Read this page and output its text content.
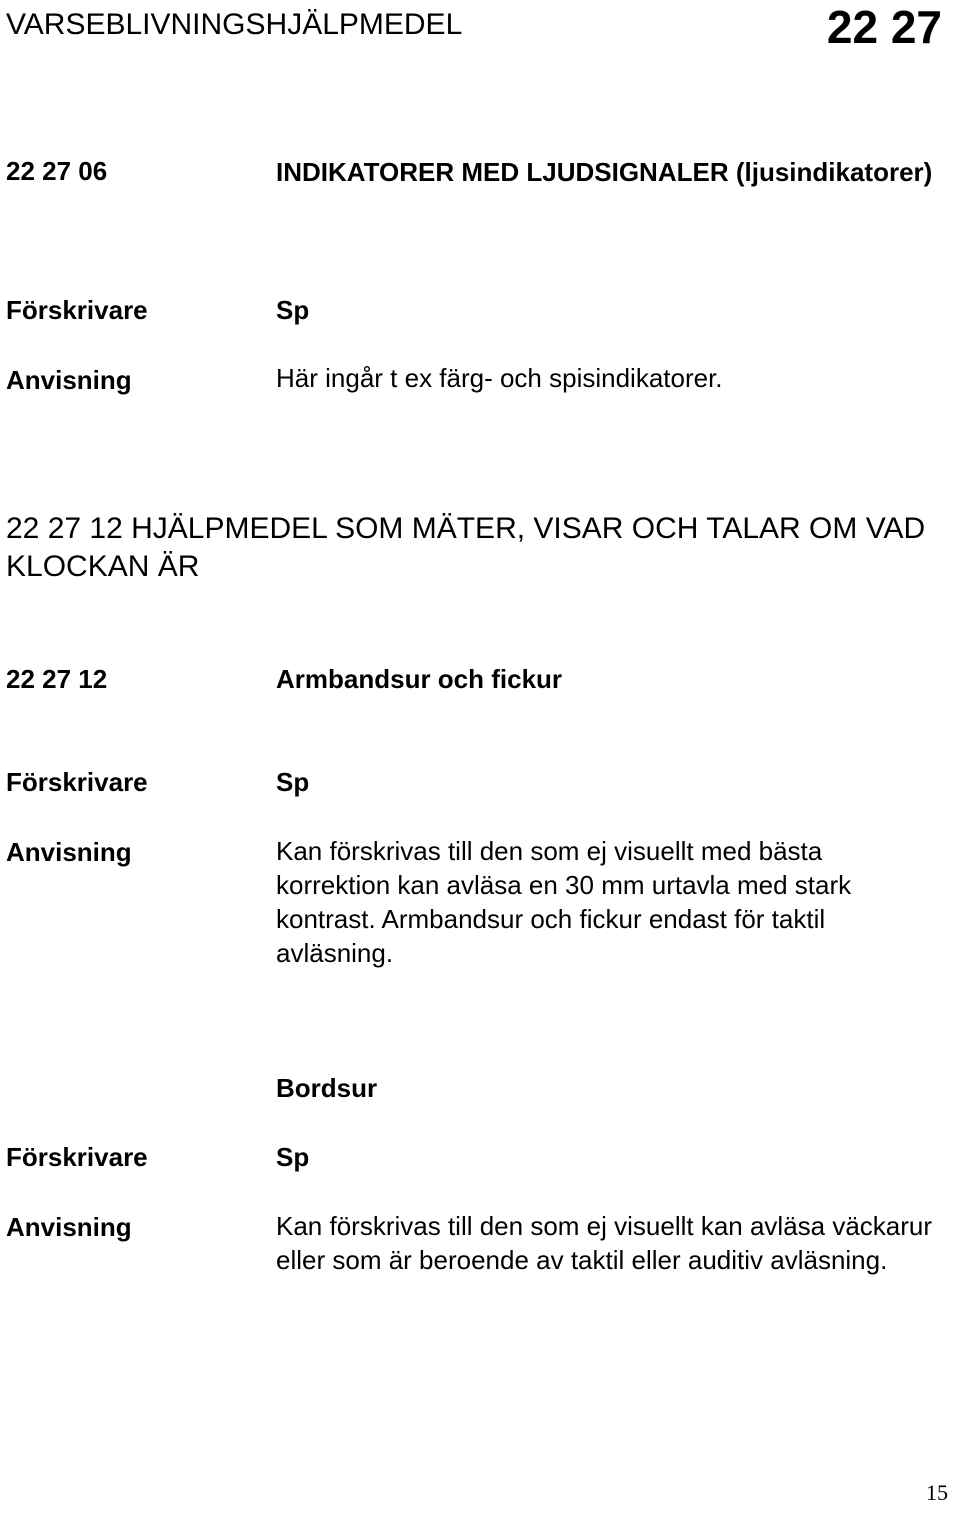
VARSEBLIVNINGSHJÄLPMEDEL	22 27
22 27 06	INDIKATORER MED LJUDSIGNALER (ljusindikatorer)
Förskrivare	Sp
Anvisning	Här ingår t ex färg- och spisindikatorer.
22 27 12 HJÄLPMEDEL SOM MÄTER, VISAR OCH TALAR OM VAD KLOCKAN ÄR
22 27 12	Armbandsur och fickur
Förskrivare	Sp
Anvisning	Kan förskrivas till den som ej visuellt med bästa korrektion kan avläsa en 30 mm urtavla med stark kontrast. Armbandsur och fickur endast för taktil avläsning.
Bordsur
Förskrivare	Sp
Anvisning	Kan förskrivas till den som ej visuellt kan avläsa väckarur eller som är beroende av taktil eller auditiv avläsning.
15
